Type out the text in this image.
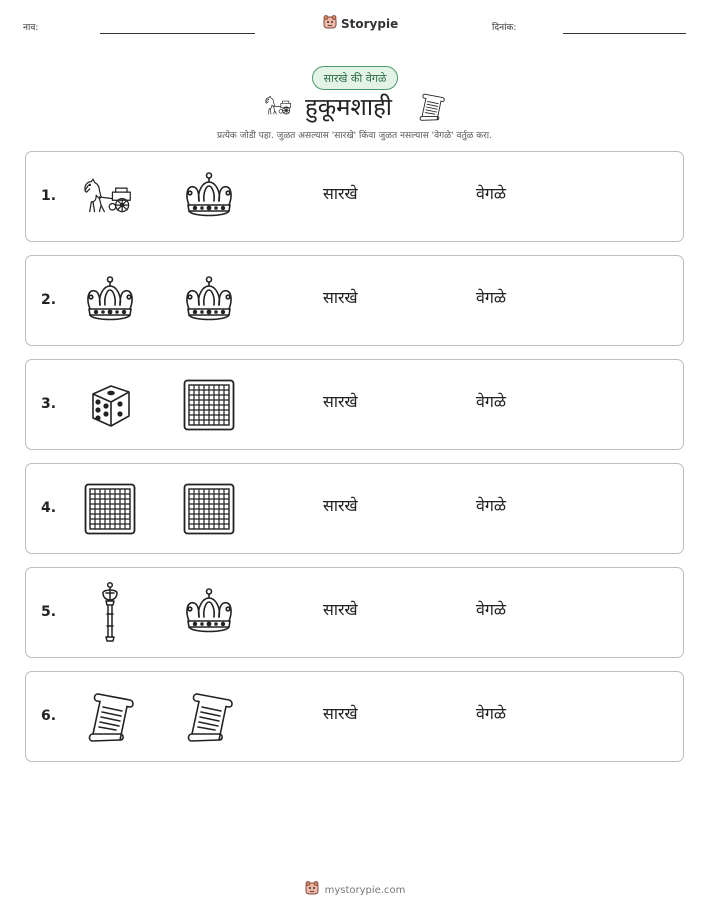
नाव:	Storypie	दिनांक:
सारखे की वेगळे
हुकूमशाही
प्रत्येक जोडी पहा. जुळत असल्यास 'सारखे' किंवा जुळत नसल्यास 'वेगळे' वर्तुळ करा.
1.	सारखे	वेगळे
2.	सारखे	वेगळे
3.	सारखे	वेगळे
4.	सारखे	वेगळे
5.	सारखे	वेगळे
6.	सारखे	वेगळे
mystorypie.com
